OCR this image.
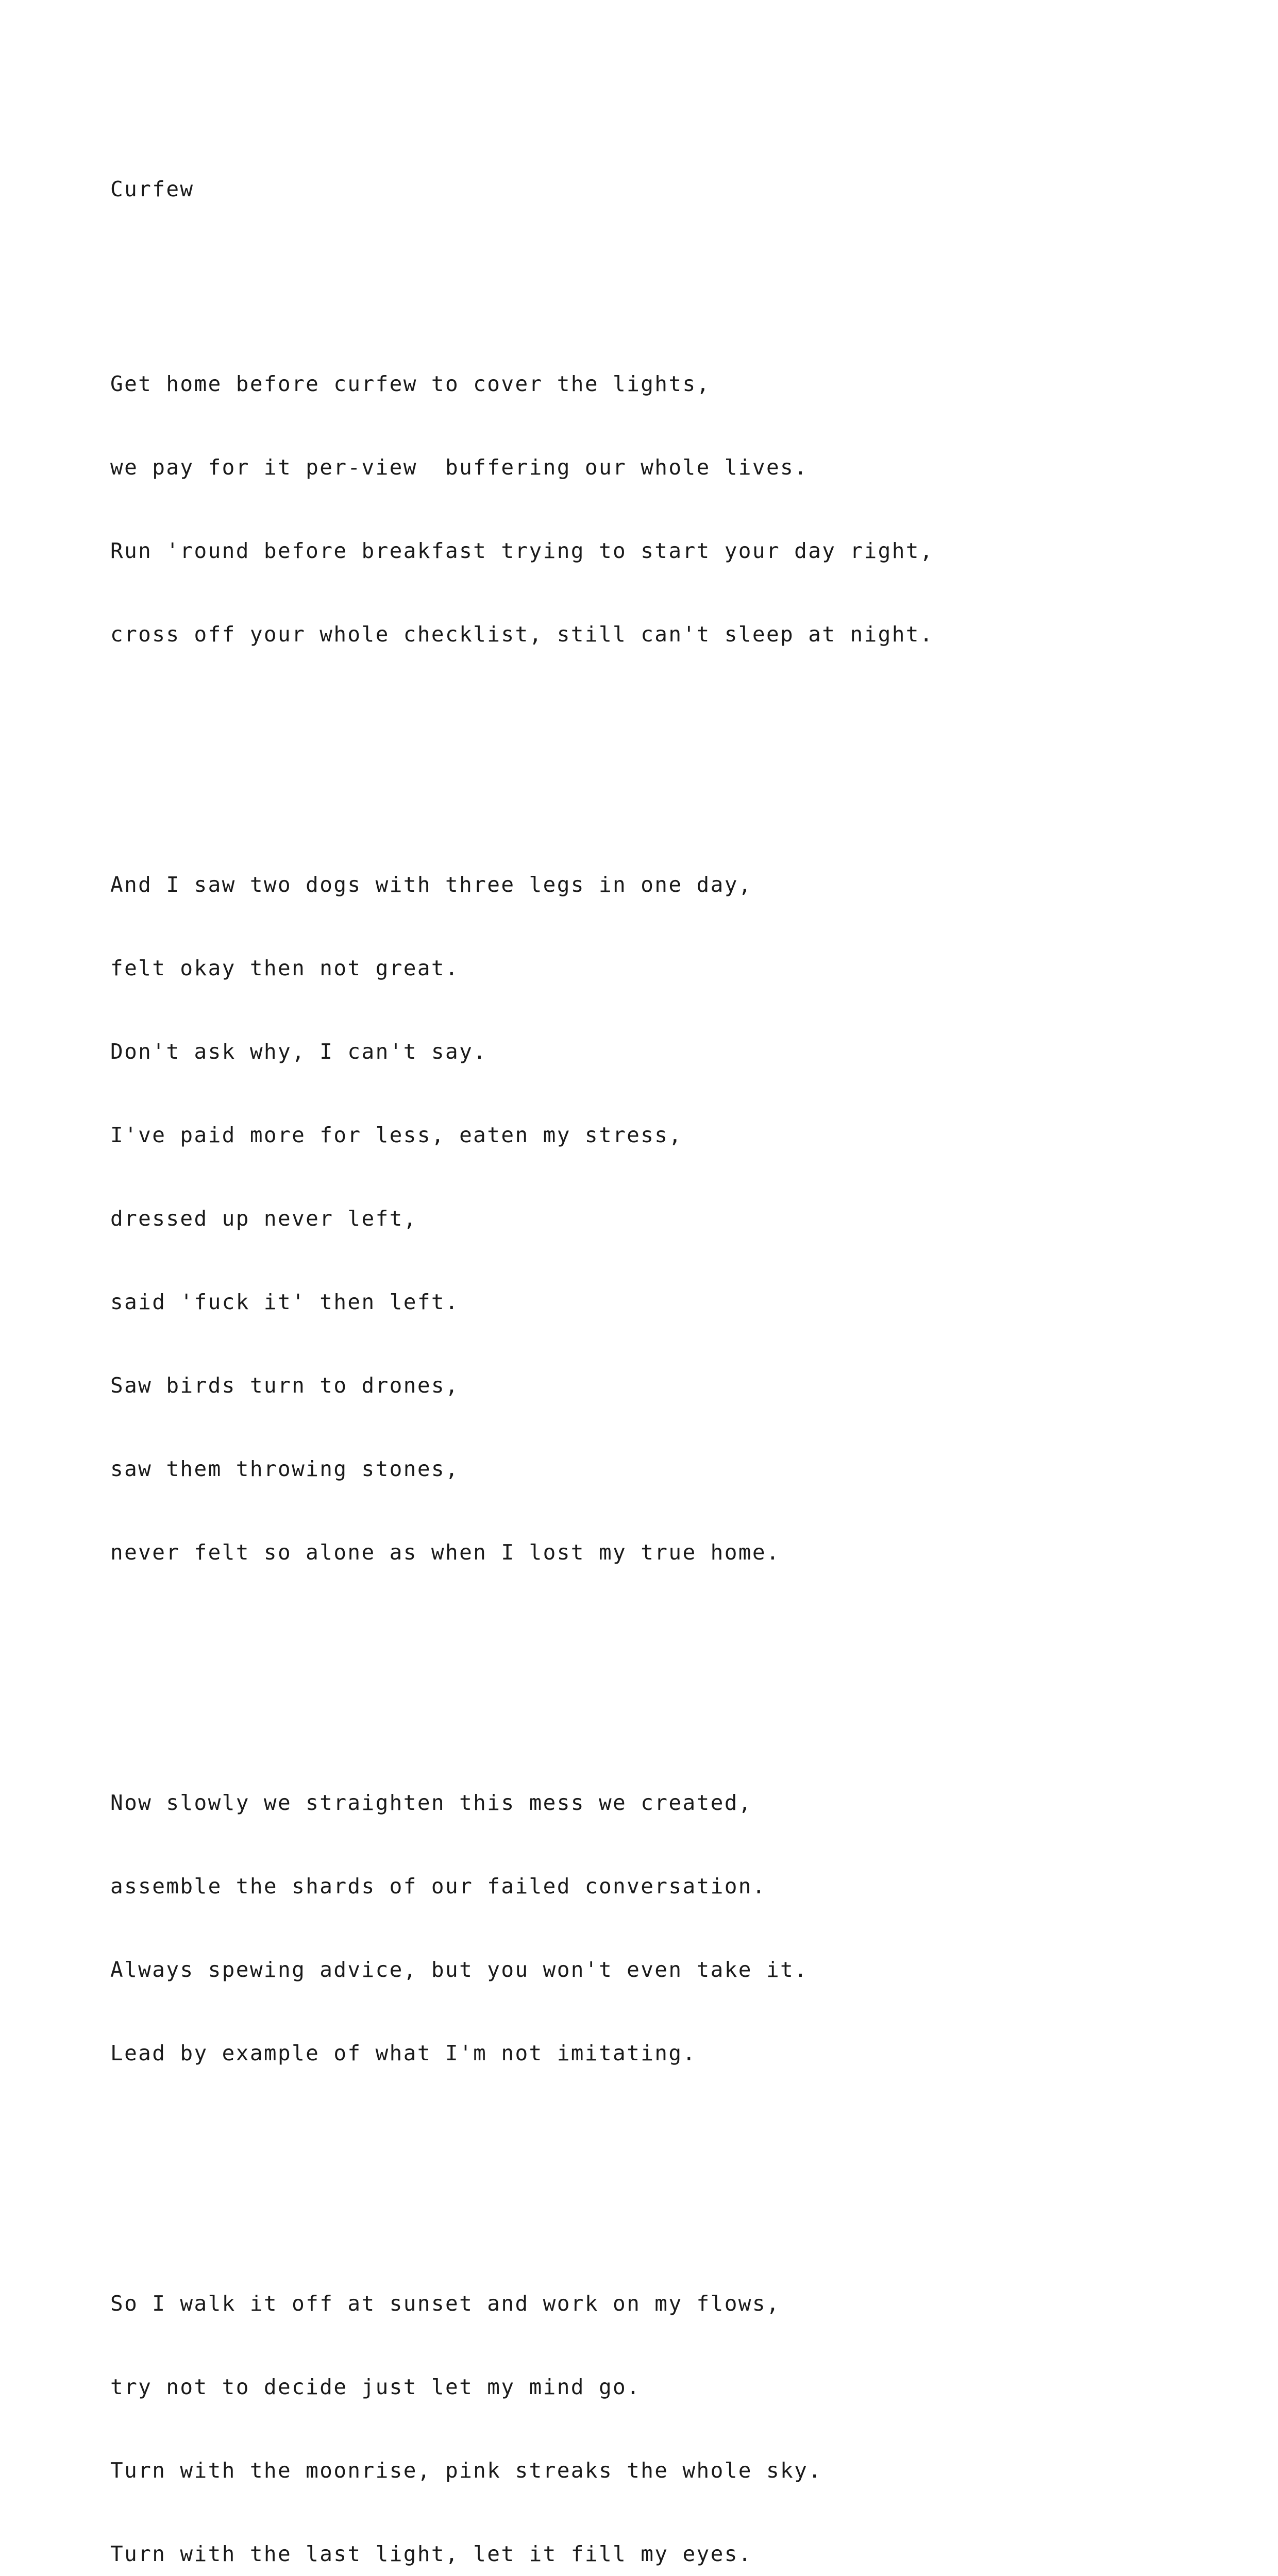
Curfew

Get home before curfew to cover the lights,

we pay for it per-view  buffering our whole lives.

Run 'round before breakfast trying to start your day right,

cross off your whole checklist, still can't sleep at night.

And I saw two dogs with three legs in one day,

felt okay then not great.

Don't ask why, I can't say.

I've paid more for less, eaten my stress,

dressed up never left,

said 'fuck it' then left.

Saw birds turn to drones,

saw them throwing stones,

never felt so alone as when I lost my true home.

Now slowly we straighten this mess we created,

assemble the shards of our failed conversation.

Always spewing advice, but you won't even take it.

Lead by example of what I'm not imitating.

So I walk it off at sunset and work on my flows,

try not to decide just let my mind go.

Turn with the moonrise, pink streaks the whole sky.

Turn with the last light, let it fill my eyes.
